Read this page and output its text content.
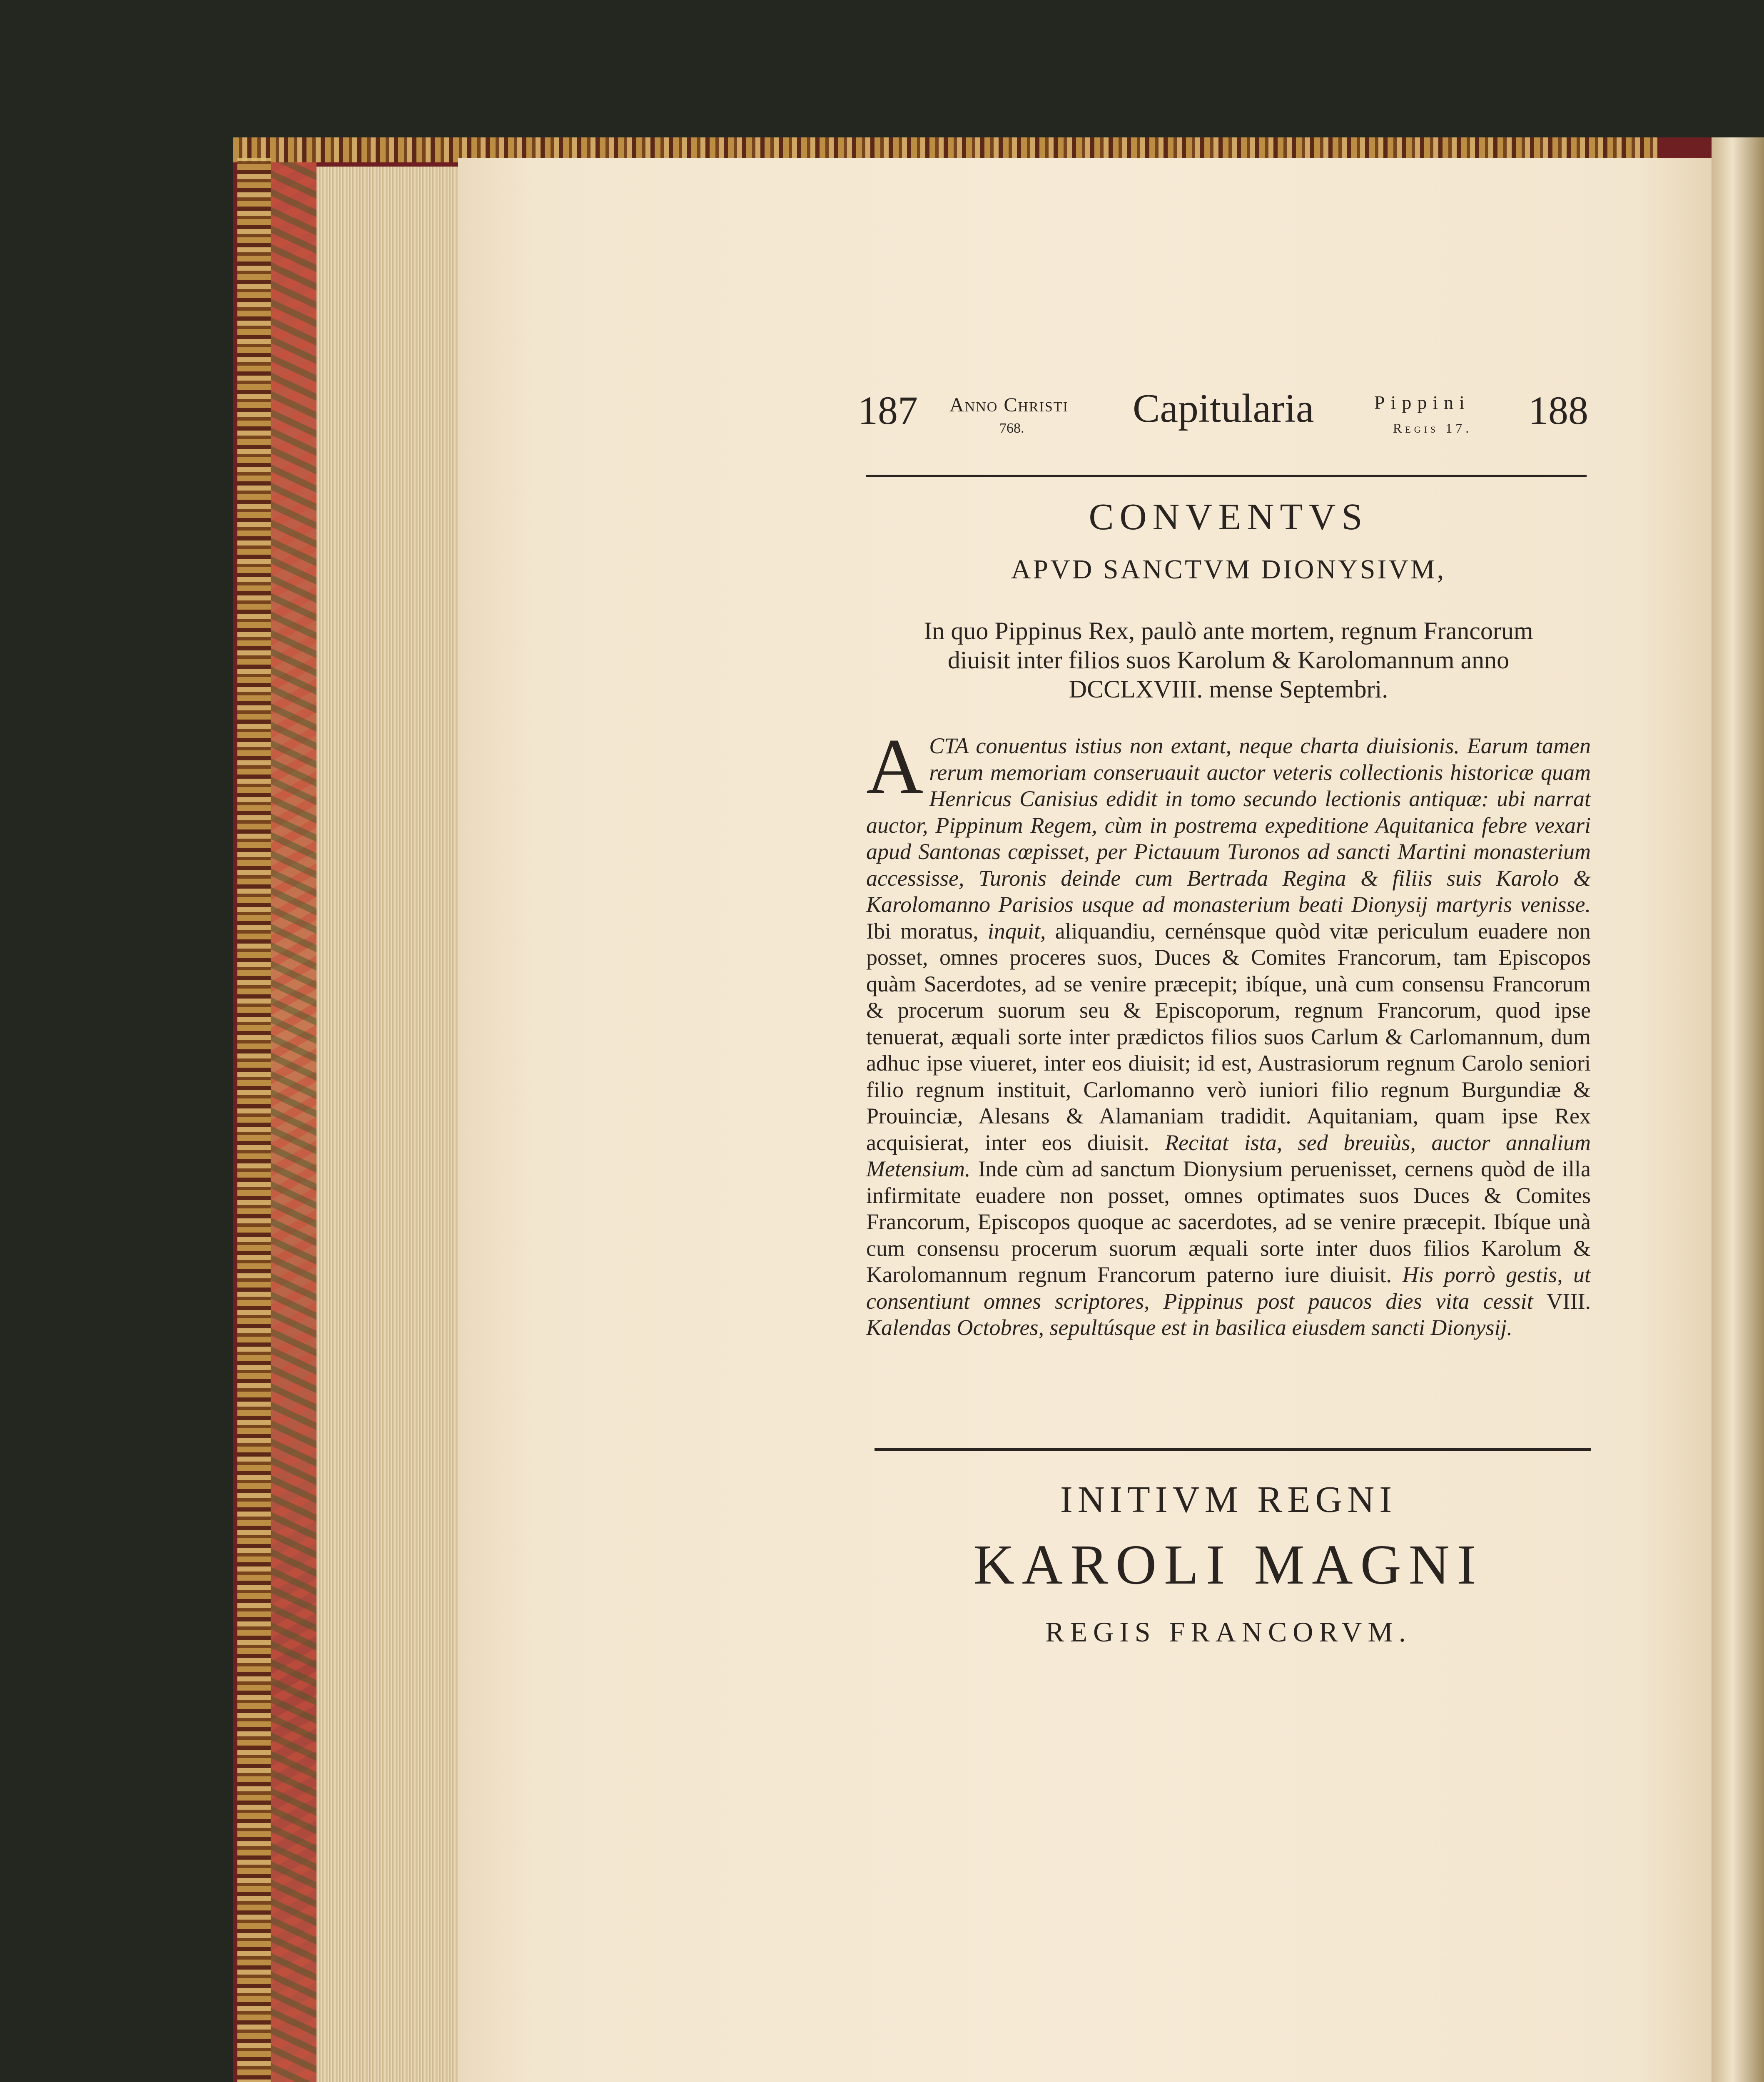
187 Anno Christi
768.	Capitularia	Pippini
Regis 17. 188
CONVENTVS
APVD SANCTVM DIONYSIVM,
In quo Pippinus Rex, paulò ante mortem, regnum Francorum
diuisit inter filios suos Karolum & Karolomannum anno
DCCLXVIII. mense Septembri.
A CTA conuentus istius non extant, neque charta diuisionis. Earum tamen rerum memoriam conseruauit auctor veteris collectionis historicæ quam Henricus Canisius edidit in tomo secundo lectionis antiquæ: ubi narrat auctor, Pippinum Regem, cùm in postrema expeditione Aquitanica febre vexari apud Santonas cœpisset, per Pictauum Turonos ad sancti Martini monasterium accessisse, Turonis deinde cum Bertrada Regina & filiis suis Karolo & Karolomanno Parisios usque ad monasterium beati Dionysij martyris venisse. Ibi moratus, inquit, aliquandiu, cernénsque quòd vitæ periculum euadere non posset, omnes proceres suos, Duces & Comites Francorum, tam Episcopos quàm Sacerdotes, ad se venire præcepit; ibíque, unà cum consensu Francorum & procerum suorum seu & Episcoporum, regnum Francorum, quod ipse tenuerat, æquali sorte inter prædictos filios suos Carlum & Carlomannum, dum adhuc ipse viueret, inter eos diuisit; id est, Austrasiorum regnum Carolo seniori filio regnum instituit, Carlomanno verò iuniori filio regnum Burgundiæ & Prouinciæ, Alesans & Alamaniam tradidit. Aquitaniam, quam ipse Rex acquisierat, inter eos diuisit. Recitat ista, sed breuiùs, auctor annalium Metensium. Inde cùm ad sanctum Dionysium peruenisset, cernens quòd de illa infirmitate euadere non posset, omnes optimates suos Duces & Comites Francorum, Episcopos quoque ac sacerdotes, ad se venire præcepit. Ibíque unà cum consensu procerum suorum æquali sorte inter duos filios Karolum & Karolomannum regnum Francorum paterno iure diuisit. His porrò gestis, ut consentiunt omnes scriptores, Pippinus post paucos dies vita cessit VIII. Kalendas Octobres, sepultúsque est in basilica eiusdem sancti Dionysij.
INITIVM REGNI
KAROLI MAGNI
REGIS FRANCORVM.
